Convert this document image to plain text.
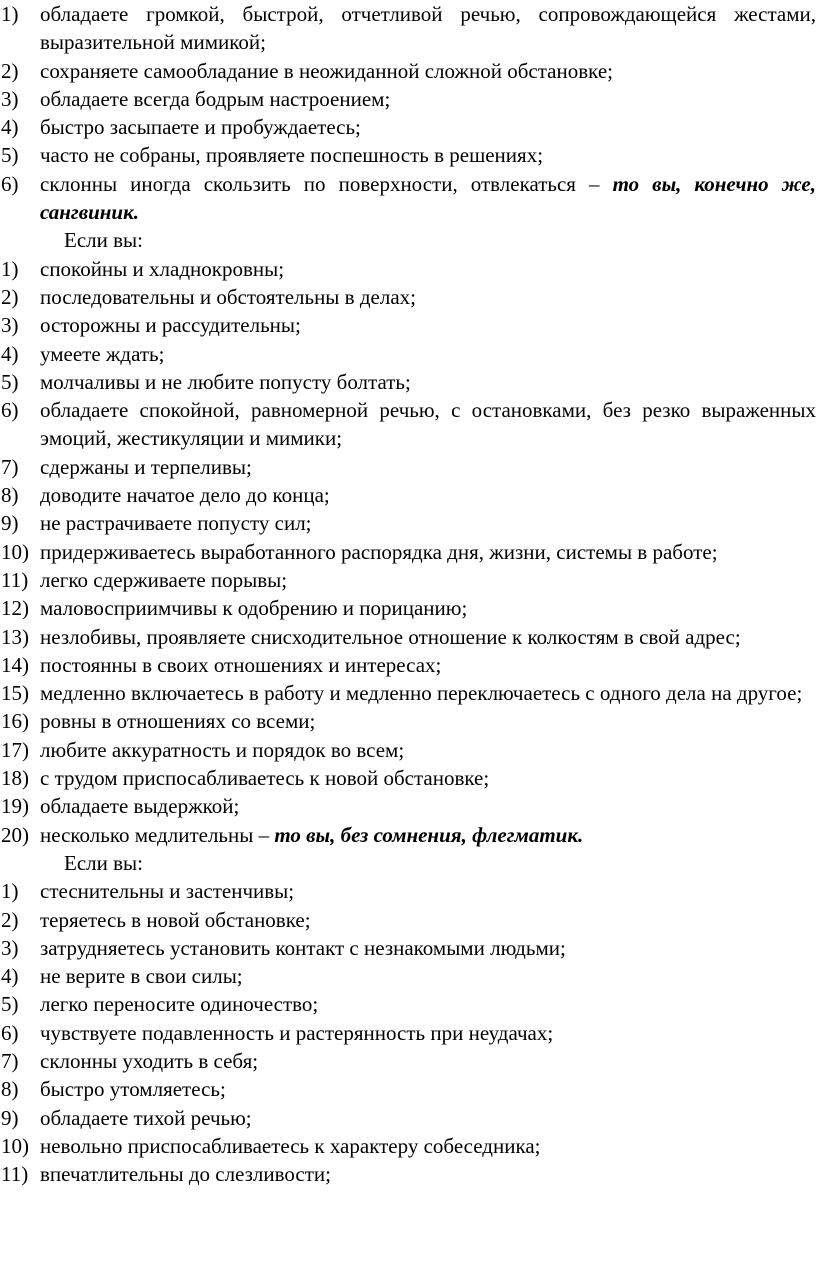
1) обладаете громкой, быстрой, отчетливой речью, сопровождающейся жестами, выразительной мимикой;
2) сохраняете самообладание в неожиданной сложной обстановке;
3) обладаете всегда бодрым настроением;
4) быстро засыпаете и пробуждаетесь;
5) часто не собраны, проявляете поспешность в решениях;
6) склонны иногда скользить по поверхности, отвлекаться – то вы, конечно же, сангвиник.
Если вы:
1) спокойны и хладнокровны;
2) последовательны и обстоятельны в делах;
3) осторожны и рассудительны;
4) умеете ждать;
5) молчаливы и не любите попусту болтать;
6) обладаете спокойной, равномерной речью, с остановками, без резко выраженных эмоций, жестикуляции и мимики;
7) сдержаны и терпеливы;
8) доводите начатое дело до конца;
9) не растрачиваете попусту сил;
10) придерживаетесь выработанного распорядка дня, жизни, системы в работе;
11) легко сдерживаете порывы;
12) маловосприимчивы к одобрению и порицанию;
13) незлобивы, проявляете снисходительное отношение к колкостям в свой адрес;
14) постоянны в своих отношениях и интересах;
15) медленно включаетесь в работу и медленно переключаетесь с одного дела на другое;
16) ровны в отношениях со всеми;
17) любите аккуратность и порядок во всем;
18) с трудом приспосабливаетесь к новой обстановке;
19) обладаете выдержкой;
20) несколько медлительны – то вы, без сомнения, флегматик.
Если вы:
1) стеснительны и застенчивы;
2) теряетесь в новой обстановке;
3) затрудняетесь установить контакт с незнакомыми людьми;
4) не верите в свои силы;
5) легко переносите одиночество;
6) чувствуете подавленность и растерянность при неудачах;
7) склонны уходить в себя;
8) быстро утомляетесь;
9) обладаете тихой речью;
10) невольно приспосабливаетесь к характеру собеседника;
11) впечатлительны до слезливости;
